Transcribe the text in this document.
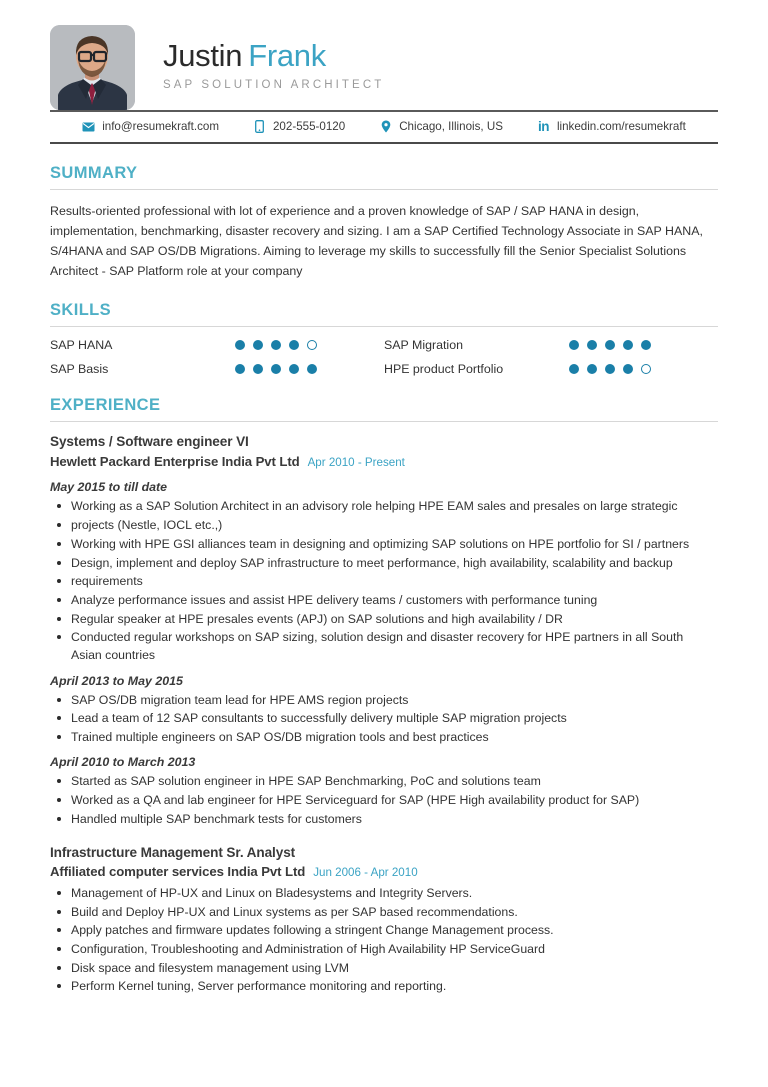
Justin Frank
SAP SOLUTION ARCHITECT
info@resumekraft.com	202-555-0120	Chicago, Illinois, US	in linkedin.com/resumekraft
SUMMARY

Results-oriented professional with lot of experience and a proven knowledge of SAP / SAP HANA in design, implementation, benchmarking, disaster recovery and sizing. I am a SAP Certified Technology Associate in SAP HANA, S/4HANA and SAP OS/DB Migrations. Aiming to leverage my skills to successfully fill the Senior Specialist Solutions Architect - SAP Platform role at your company

SKILLS
SAP HANA	SAP Migration
SAP Basis	HPE product Portfolio
EXPERIENCE
Systems / Software engineer VI
Hewlett Packard Enterprise India Pvt Ltd Apr 2010 - Present
May 2015 to till date
Working as a SAP Solution Architect in an advisory role helping HPE EAM sales and presales on large strategic
projects (Nestle, IOCL etc.,)
Working with HPE GSI alliances team in designing and optimizing SAP solutions on HPE portfolio for SI / partners
Design, implement and deploy SAP infrastructure to meet performance, high availability, scalability and backup
requirements
Analyze performance issues and assist HPE delivery teams / customers with performance tuning
Regular speaker at HPE presales events (APJ) on SAP solutions and high availability / DR
Conducted regular workshops on SAP sizing, solution design and disaster recovery for HPE partners in all South Asian countries
April 2013 to May 2015
SAP OS/DB migration team lead for HPE AMS region projects
Lead a team of 12 SAP consultants to successfully delivery multiple SAP migration projects
Trained multiple engineers on SAP OS/DB migration tools and best practices
April 2010 to March 2013
Started as SAP solution engineer in HPE SAP Benchmarking, PoC and solutions team
Worked as a QA and lab engineer for HPE Serviceguard for SAP (HPE High availability product for SAP)
Handled multiple SAP benchmark tests for customers
Infrastructure Management Sr. Analyst
Affiliated computer services India Pvt Ltd Jun 2006 - Apr 2010
Management of HP-UX and Linux on Bladesystems and Integrity Servers.
Build and Deploy HP-UX and Linux systems as per SAP based recommendations.
Apply patches and firmware updates following a stringent Change Management process.
Configuration, Troubleshooting and Administration of High Availability HP ServiceGuard
Disk space and filesystem management using LVM
Perform Kernel tuning, Server performance monitoring and reporting.
